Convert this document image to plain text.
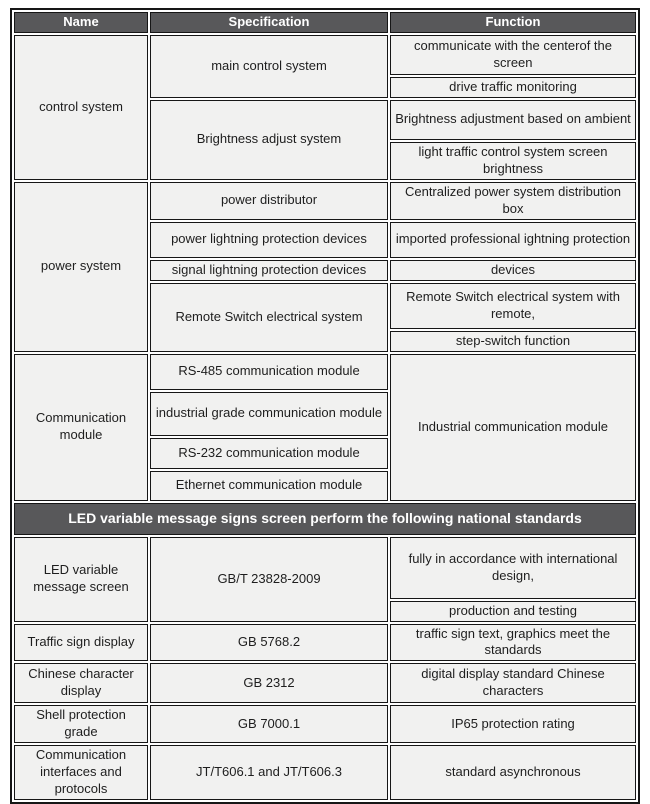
Name	Specification	Function
control system	main control system	communicate with the centerof the screen
		drive traffic monitoring
	Brightness adjust system	Brightness adjustment based on ambient
		light traffic control system screen brightness
power system	power distributor	Centralized power system distribution box
	power lightning protection devices	imported professional ightning protection
	signal lightning protection devices	devices
	Remote Switch electrical system	Remote Switch electrical system with remote,
		step-switch function
Communication module	RS-485 communication module	Industrial communication module
	industrial grade communication module	
	RS-232 communication module	
	Ethernet communication module	
LED variable message signs screen perform the following national standards		
LED variable message screen	GB/T 23828-2009	fully in accordance with international design,
		production and testing
Traffic sign display	GB 5768.2	traffic sign text, graphics meet the standards
Chinese character display	GB 2312	digital display standard Chinese characters
Shell protection grade	GB 7000.1	IP65 protection rating
Communication interfaces and protocols	JT/T606.1 and JT/T606.3	standard asynchronous
